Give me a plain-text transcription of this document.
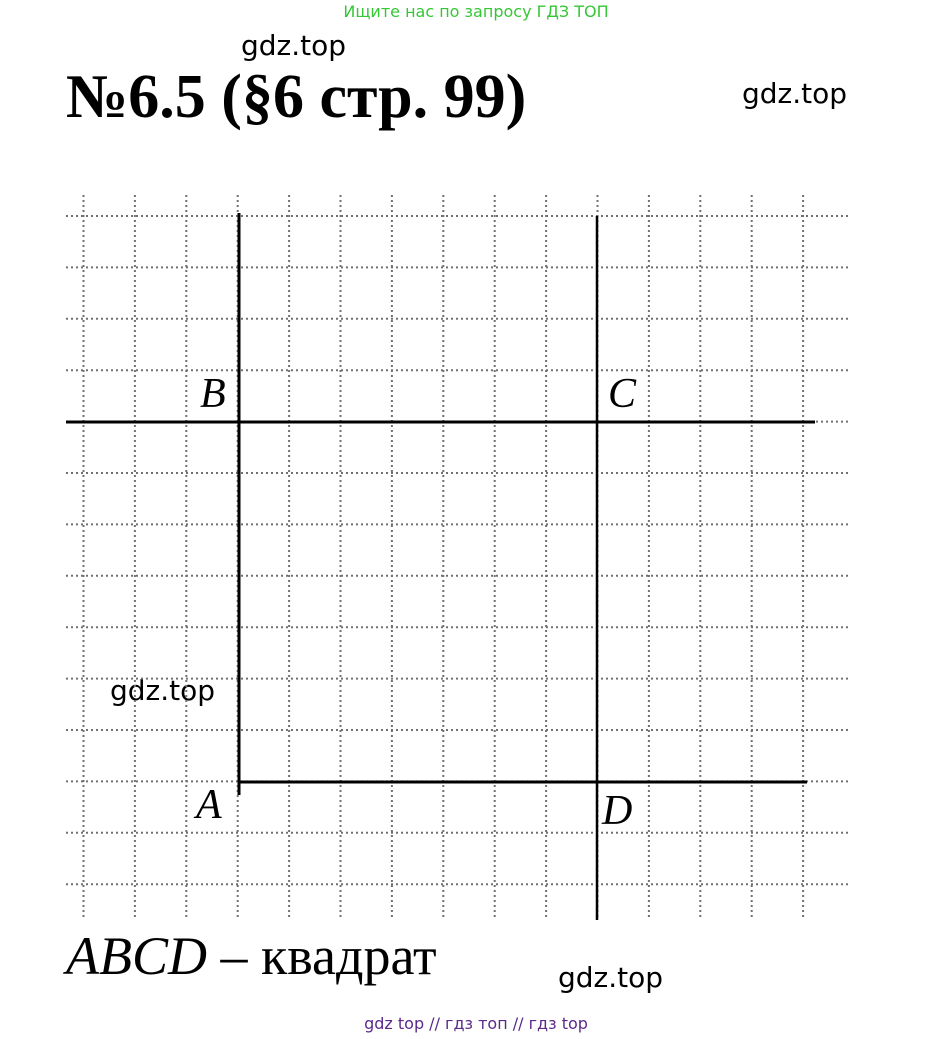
Ищите нас по запросу ГДЗ ТОП
№6.5 (§6 стр. 99)
gdz.top
gdz.top
gdz.top
gdz.top
B	C
A	D
ABCD – квадрат
gdz top // гдз топ // гдз top
